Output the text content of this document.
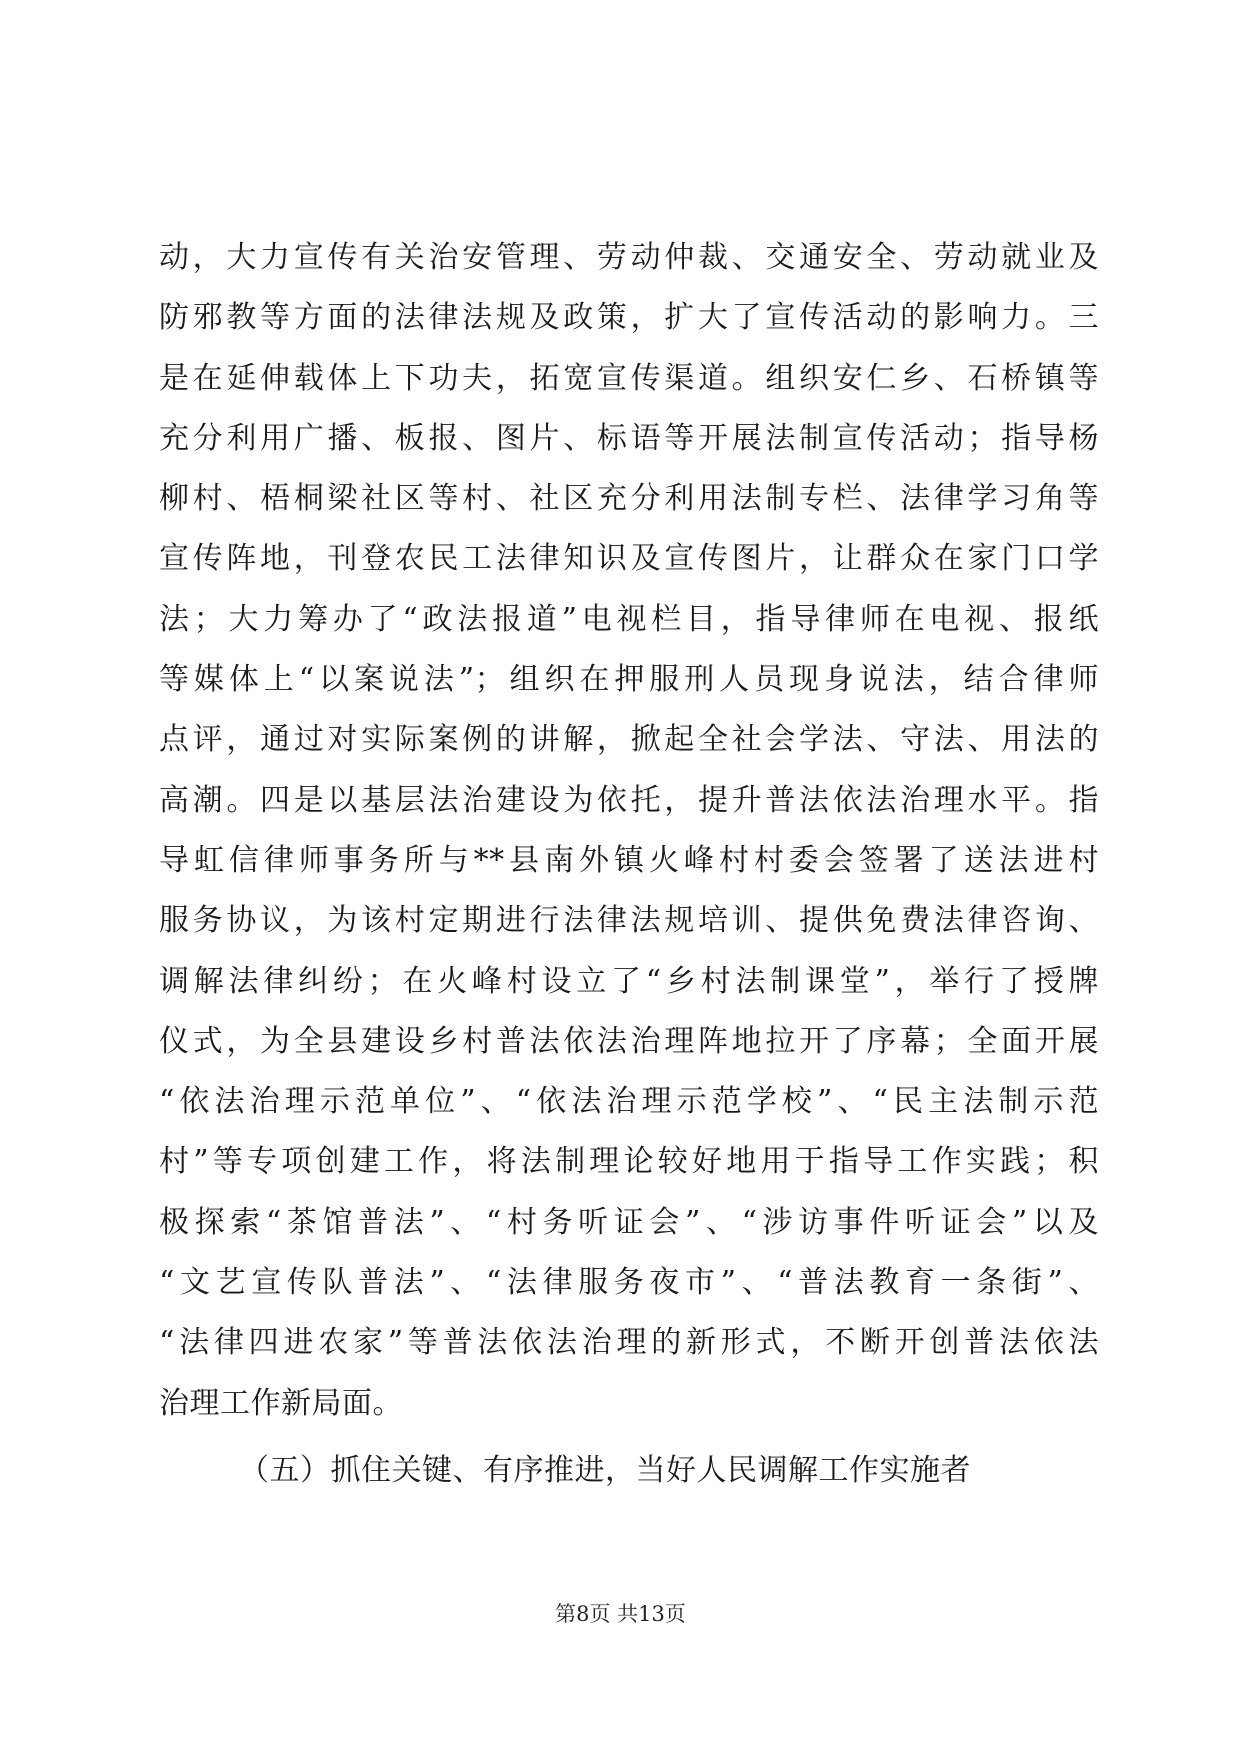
动，大力宣传有关治安管理、劳动仲裁、交通安全、劳动就业及
防邪教等方面的法律法规及政策，扩大了宣传活动的影响力。三
是在延伸载体上下功夫，拓宽宣传渠道。组织安仁乡、石桥镇等
充分利用广播、板报、图片、标语等开展法制宣传活动；指导杨
柳村、梧桐梁社区等村、社区充分利用法制专栏、法律学习角等
宣传阵地，刊登农民工法律知识及宣传图片，让群众在家门口学
法；大力筹办了“政法报道”电视栏目，指导律师在电视、报纸
等媒体上“以案说法”；组织在押服刑人员现身说法，结合律师
点评，通过对实际案例的讲解，掀起全社会学法、守法、用法的
高潮。四是以基层法治建设为依托，提升普法依法治理水平。指
导虹信律师事务所与**县南外镇火峰村村委会签署了送法进村
服务协议，为该村定期进行法律法规培训、提供免费法律咨询、
调解法律纠纷；在火峰村设立了“乡村法制课堂”，举行了授牌
仪式，为全县建设乡村普法依法治理阵地拉开了序幕；全面开展
“依法治理示范单位”、“依法治理示范学校”、“民主法制示范
村”等专项创建工作，将法制理论较好地用于指导工作实践；积
极探索“茶馆普法”、“村务听证会”、“涉访事件听证会”以及
“文艺宣传队普法”、“法律服务夜市”、“普法教育一条街”、
“法律四进农家”等普法依法治理的新形式，不断开创普法依法
治理工作新局面。
（五）抓住关键、有序推进，当好人民调解工作实施者
第8页 共13页
